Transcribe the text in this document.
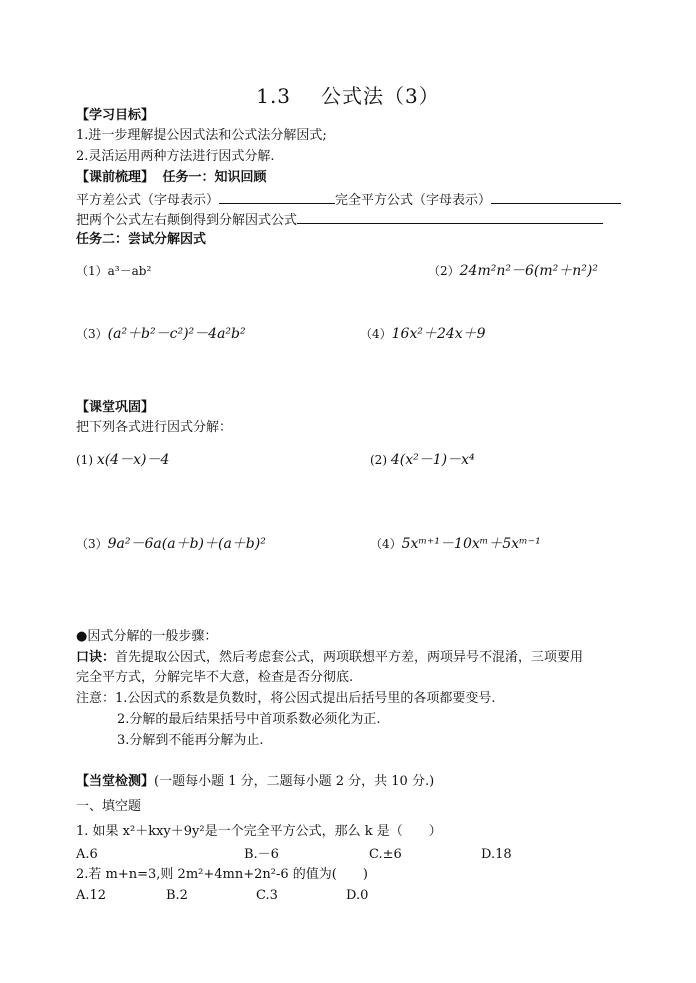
1.3 公式法（3）
【学习目标】
1.进一步理解提公因式法和公式法分解因式;
2.灵活运用两种方法进行因式分解.
【课前梳理】 任务一：知识回顾
平方差公式（字母表示）	完全平方公式（字母表示）
把两个公式左右颠倒得到分解因式公式
任务二：尝试分解因式
（1）a³－ab²	（2）24m²n²－6(m²＋n²)²
（3）(a²＋b²－c²)²－4a²b²	（4）16x²＋24x＋9
【课堂巩固】
把下列各式进行因式分解：
(1) x(4－x)－4	(2) 4(x²－1)－x⁴
（3）9a²－6a(a＋b)＋(a＋b)²	（4）5xᵐ⁺¹－10xᵐ＋5xᵐ⁻¹
●因式分解的一般步骤：
口诀：首先提取公因式，然后考虑套公式，两项联想平方差，两项异号不混淆，三项要用
完全平方式，分解完毕不大意，检查是否分彻底.
注意：1.公因式的系数是负数时，将公因式提出后括号里的各项都要变号.
2.分解的最后结果括号中首项系数必须化为正.
3.分解到不能再分解为止.
【当堂检测】(一题每小题 1 分，二题每小题 2 分，共 10 分.)
一、填空题
1. 如果 x²＋kxy＋9y²是一个完全平方公式，那么 k 是（　　）
A.6	B.－6	C.±6	D.18
2.若 m+n=3,则 2m²+4mn+2n²-6 的值为(　　)
A.12	B.2	C.3	D.0
